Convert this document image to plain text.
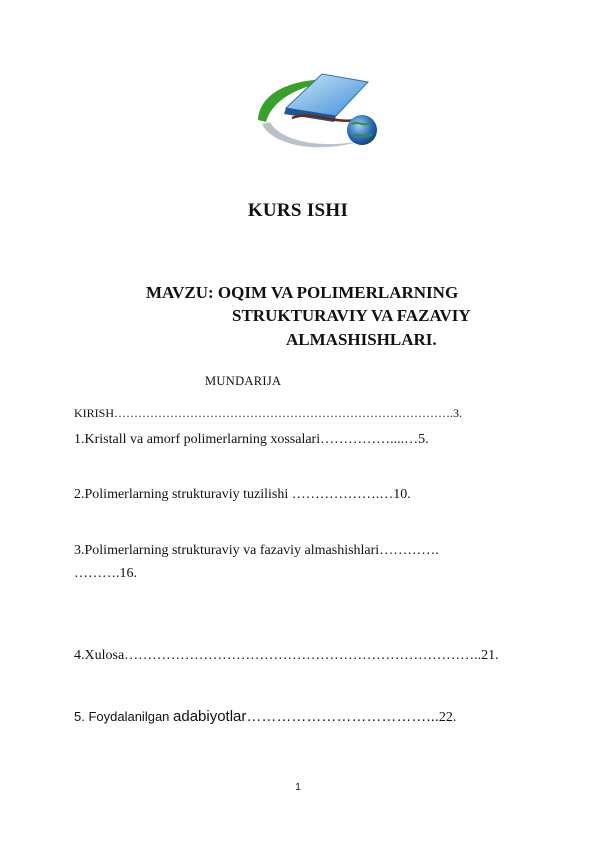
KURS ISHI
MAVZU: OQIM VA POLIMERLARNING
STRUKTURAVIY VA FAZAVIY
ALMASHISHLARI.
MUNDARIJA
KIRISH………………………………………………………………………….3.
1.Kristall va amorf polimerlarning xossalari……………....…5.
2.Polimerlarning strukturaviy tuzilishi ……………….…10.
3.Polimerlarning strukturaviy va fazaviy almashishlari………….
……….16.
4.Xulosa…………………………………………………………………..21.
5. Foydalanilgan adabiyotlar………………………………...22.
1
